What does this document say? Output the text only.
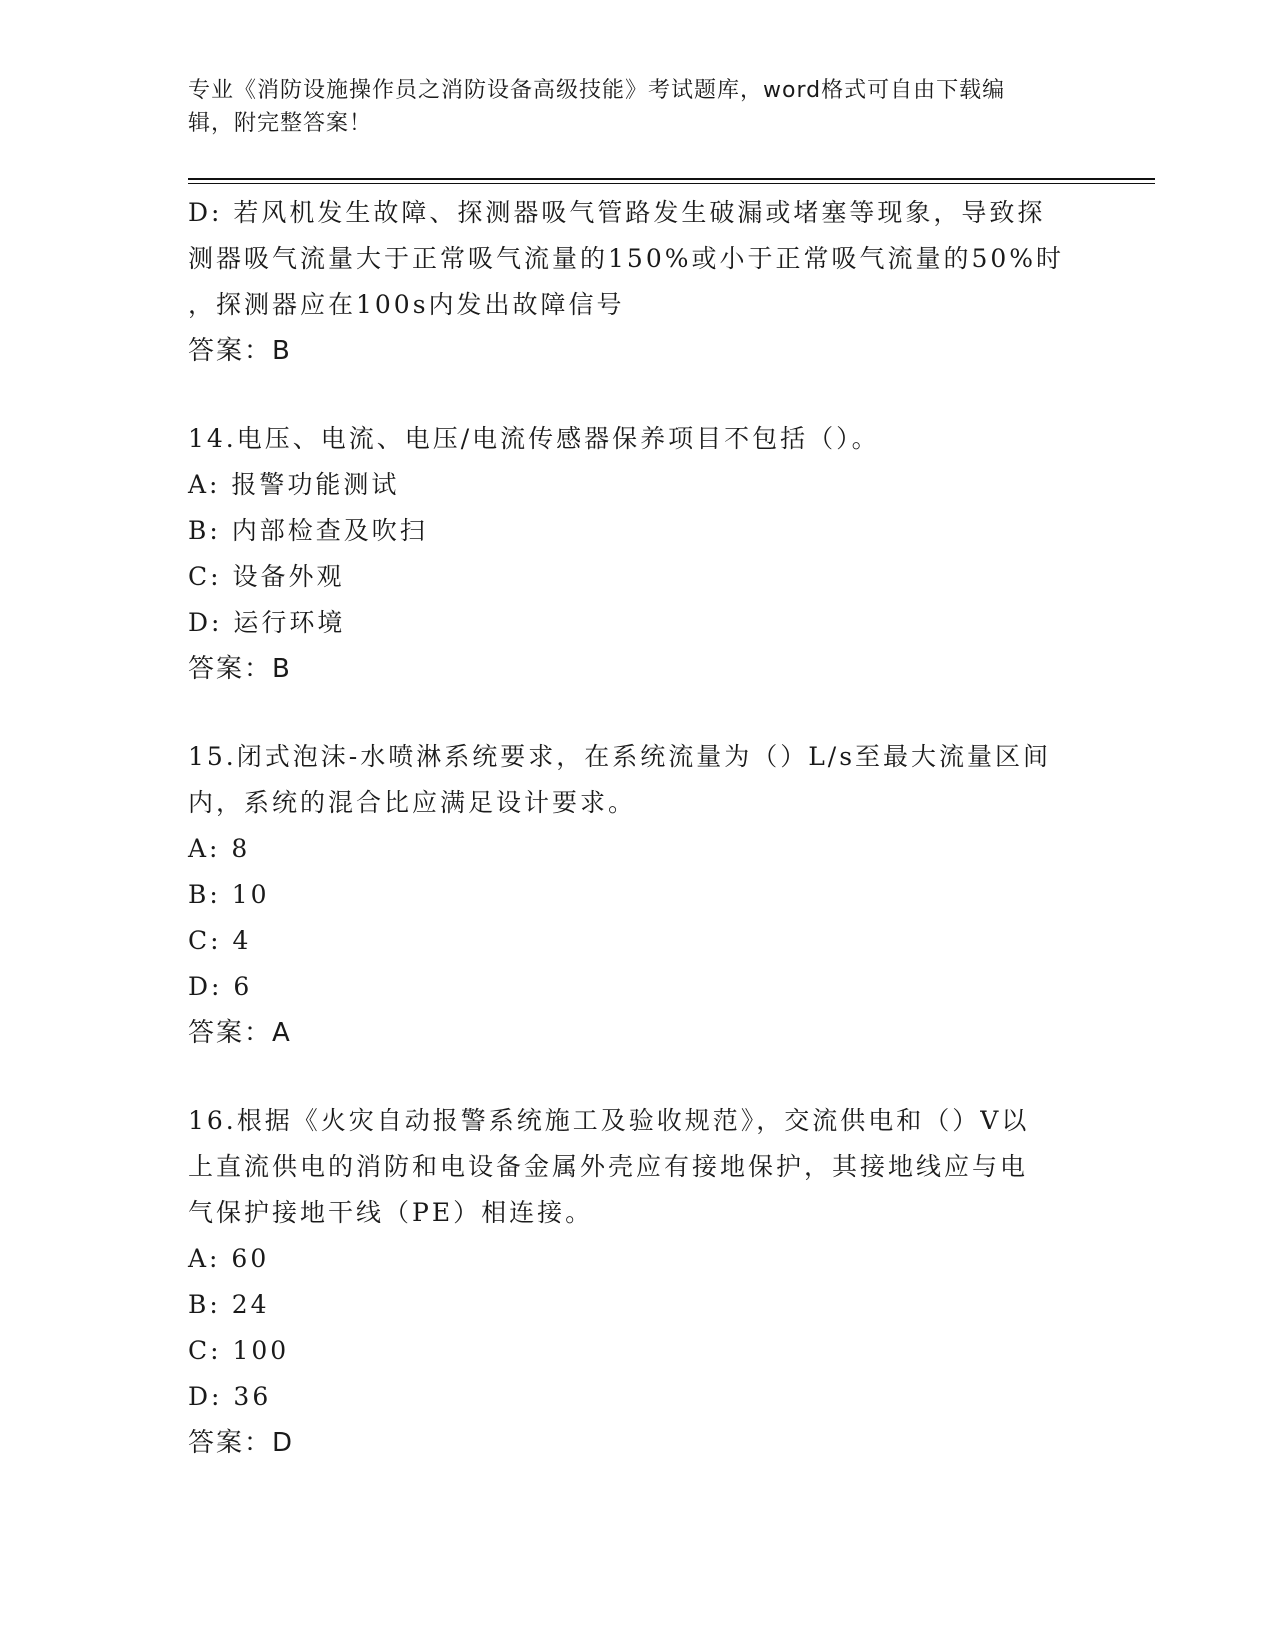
专业《消防设施操作员之消防设备高级技能》考试题库，word格式可自由下载编
辑，附完整答案！
D: 若风机发生故障、探测器吸气管路发生破漏或堵塞等现象，导致探
测器吸气流量大于正常吸气流量的150%或小于正常吸气流量的50%时
，探测器应在100s内发出故障信号
答案：B
14.电压、电流、电压/电流传感器保养项目不包括（）。
A: 报警功能测试
B: 内部检查及吹扫
C: 设备外观
D: 运行环境
答案：B
15.闭式泡沫-水喷淋系统要求，在系统流量为（）L/s至最大流量区间
内，系统的混合比应满足设计要求。
A: 8
B: 10
C: 4
D: 6
答案：A
16.根据《火灾自动报警系统施工及验收规范》，交流供电和（）V以
上直流供电的消防和电设备金属外壳应有接地保护，其接地线应与电
气保护接地干线（PE）相连接。
A: 60
B: 24
C: 100
D: 36
答案：D
